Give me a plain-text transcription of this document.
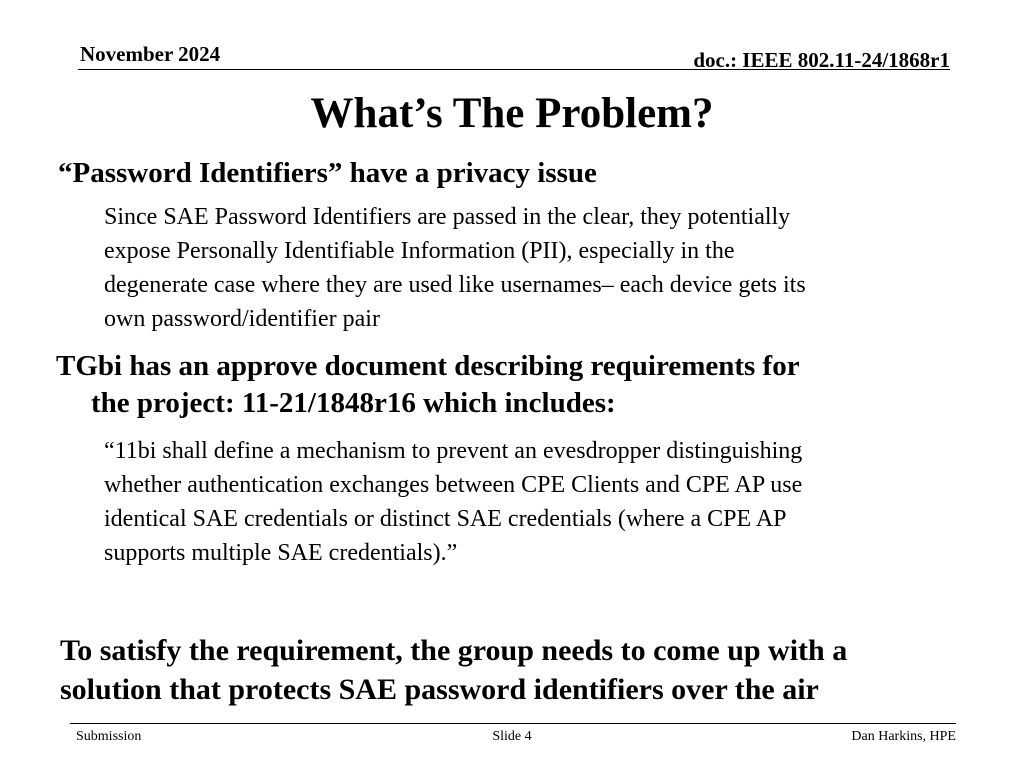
November 2024	doc.: IEEE 802.11-24/1868r1
What’s The Problem?
“Password Identifiers” have a privacy issue
Since SAE Password Identifiers are passed in the clear, they potentially
expose Personally Identifiable Information (PII), especially in the
degenerate case where they are used like usernames– each device gets its
own password/identifier pair
TGbi has an approve document describing requirements for
the project: 11-21/1848r16 which includes:
“11bi shall define a mechanism to prevent an evesdropper distinguishing
whether authentication exchanges between CPE Clients and CPE AP use
identical SAE credentials or distinct SAE credentials (where a CPE AP
supports multiple SAE credentials).”
To satisfy the requirement, the group needs to come up with a
solution that protects SAE password identifiers over the air
Submission	Slide 4	Dan Harkins, HPE
